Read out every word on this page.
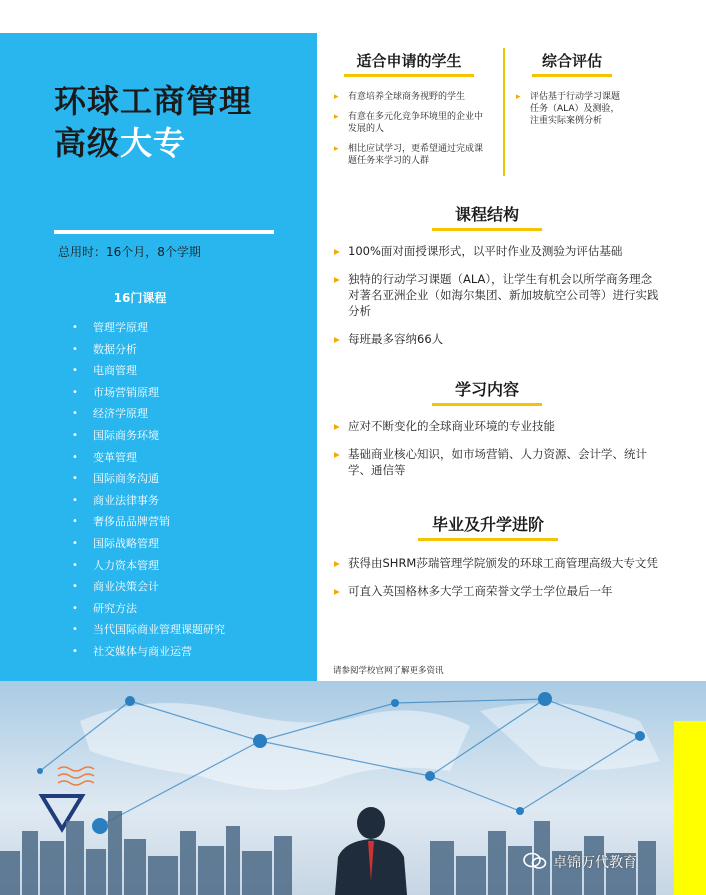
环球工商管理
高级大专
总用时：16个月，8个学期
16门课程
• 管理学原理
• 数据分析
• 电商管理
• 市场营销原理
• 经济学原理
• 国际商务环境
• 变革管理
• 国际商务沟通
• 商业法律事务
• 奢侈品品牌营销
• 国际战略管理
• 人力资本管理
• 商业决策会计
• 研究方法
• 当代国际商业管理课题研究
• 社交媒体与商业运营
适合申请的学生
▸ 有意培养全球商务视野的学生
▸ 有意在多元化竞争环境里的企业中发展的人
▸ 相比应试学习，更希望通过完成课题任务来学习的人群
综合评估
▸ 评估基于行动学习课题任务（ALA）及测验，注重实际案例分析
课程结构
▸ 100%面对面授课形式，以平时作业及测验为评估基础
▸ 独特的行动学习课题（ALA），让学生有机会以所学商务理念对著名亚洲企业（如海尔集团、新加坡航空公司等）进行实践分析
▸ 每班最多容纳66人
学习内容
▸ 应对不断变化的全球商业环境的专业技能
▸ 基础商业核心知识，如市场营销、人力资源、会计学、统计学、通信等
毕业及升学进阶
▸ 获得由SHRM莎瑞管理学院颁发的环球工商管理高级大专文凭
▸ 可直入英国格林多大学工商荣誉文学士学位最后一年
请参阅学校官网了解更多资讯
卓锦万代教育
